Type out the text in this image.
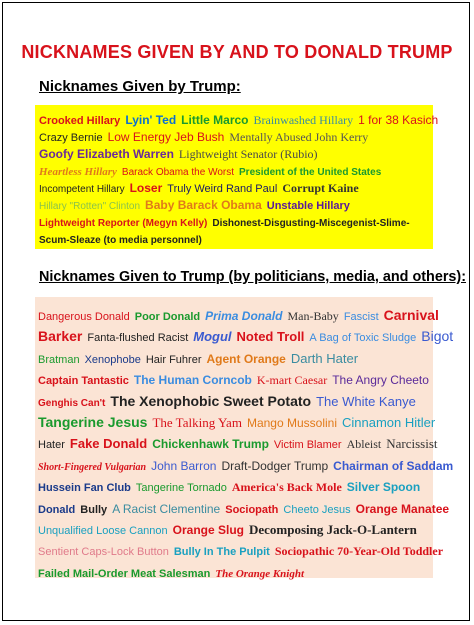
NICKNAMES GIVEN BY AND TO DONALD TRUMP
Nicknames Given by Trump:
Crooked Hillary Lyin' Ted Little Marco Brainwashed Hillary 1 for 38 Kasich
Crazy Bernie Low Energy Jeb Bush Mentally Abused John Kerry
Goofy Elizabeth Warren Lightweight Senator (Rubio)
Heartless Hillary Barack Obama the Worst President of the United States
Incompetent Hillary Loser Truly Weird Rand Paul Corrupt Kaine
Hillary "Rotten" Clinton Baby Barack Obama Unstable Hillary
Lightweight Reporter (Megyn Kelly) Dishonest-Disgusting-Miscegenist-Slime-
Scum-Sleaze (to media personnel)
Nicknames Given to Trump (by politicians, media, and others):
Dangerous Donald Poor Donald Prima Donald Man-Baby Fascist Carnival
Barker Fanta-flushed Racist Mogul Noted Troll A Bag of Toxic Sludge Bigot
Bratman Xenophobe Hair Fuhrer Agent Orange Darth Hater
Captain Tantastic The Human Corncob K-mart Caesar The Angry Cheeto
Genghis Can't The Xenophobic Sweet Potato The White Kanye
Tangerine Jesus The Talking Yam Mango Mussolini Cinnamon Hitler
Hater Fake Donald Chickenhawk Trump Victim Blamer Ableist Narcissist
Short-Fingered Vulgarian John Barron Draft-Dodger Trump Chairman of Saddam
Hussein Fan Club Tangerine Tornado America's Back Mole Silver Spoon
Donald Bully A Racist Clementine Sociopath Cheeto Jesus Orange Manatee
Unqualified Loose Cannon Orange Slug Decomposing Jack-O-Lantern
Sentient Caps-Lock Button Bully In The Pulpit Sociopathic 70-Year-Old Toddler
Failed Mail-Order Meat Salesman The Orange Knight
